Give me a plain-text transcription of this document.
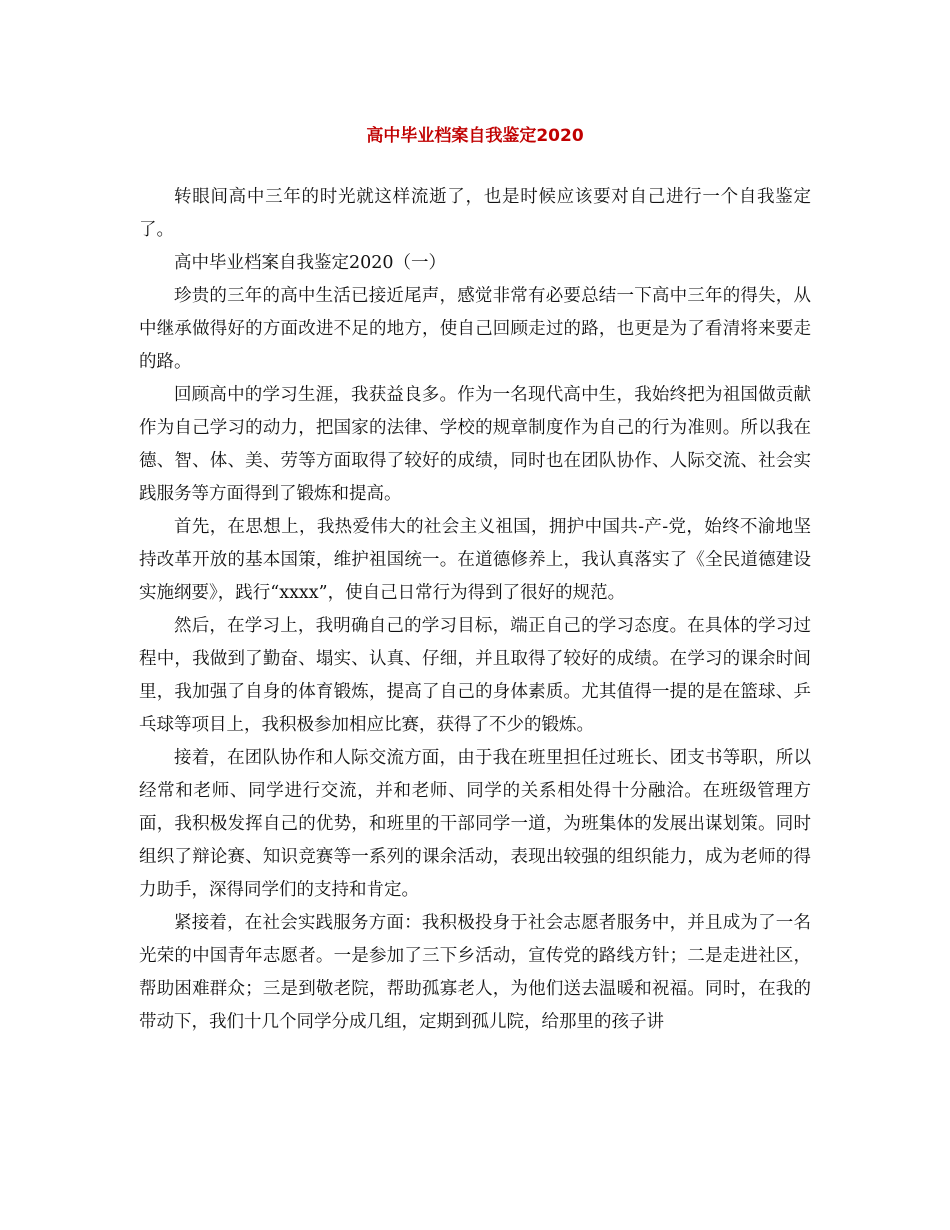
高中毕业档案自我鉴定2020

转眼间高中三年的时光就这样流逝了，也是时候应该要对自己进行一个自我鉴定了。

高中毕业档案自我鉴定2020（一）

珍贵的三年的高中生活已接近尾声，感觉非常有必要总结一下高中三年的得失，从中继承做得好的方面改进不足的地方，使自己回顾走过的路，也更是为了看清将来要走的路。

回顾高中的学习生涯，我获益良多。作为一名现代高中生，我始终把为祖国做贡献作为自己学习的动力，把国家的法律、学校的规章制度作为自己的行为准则。所以我在德、智、体、美、劳等方面取得了较好的成绩，同时也在团队协作、人际交流、社会实践服务等方面得到了锻炼和提高。

首先，在思想上，我热爱伟大的社会主义祖国，拥护中国共-产-党，始终不渝地坚持改革开放的基本国策，维护祖国统一。在道德修养上，我认真落实了《全民道德建设实施纲要》，践行“xxxx”，使自己日常行为得到了很好的规范。

然后，在学习上，我明确自己的学习目标，端正自己的学习态度。在具体的学习过程中，我做到了勤奋、塌实、认真、仔细，并且取得了较好的成绩。在学习的课余时间里，我加强了自身的体育锻炼，提高了自己的身体素质。尤其值得一提的是在篮球、乒乓球等项目上，我积极参加相应比赛，获得了不少的锻炼。

接着，在团队协作和人际交流方面，由于我在班里担任过班长、团支书等职，所以经常和老师、同学进行交流，并和老师、同学的关系相处得十分融洽。在班级管理方面，我积极发挥自己的优势，和班里的干部同学一道，为班集体的发展出谋划策。同时组织了辩论赛、知识竞赛等一系列的课余活动，表现出较强的组织能力，成为老师的得力助手，深得同学们的支持和肯定。

紧接着，在社会实践服务方面：我积极投身于社会志愿者服务中，并且成为了一名光荣的中国青年志愿者。一是参加了三下乡活动，宣传党的路线方针；二是走进社区，帮助困难群众；三是到敬老院，帮助孤寡老人，为他们送去温暖和祝福。同时，在我的带动下，我们十几个同学分成几组，定期到孤儿院，给那里的孩子讲
